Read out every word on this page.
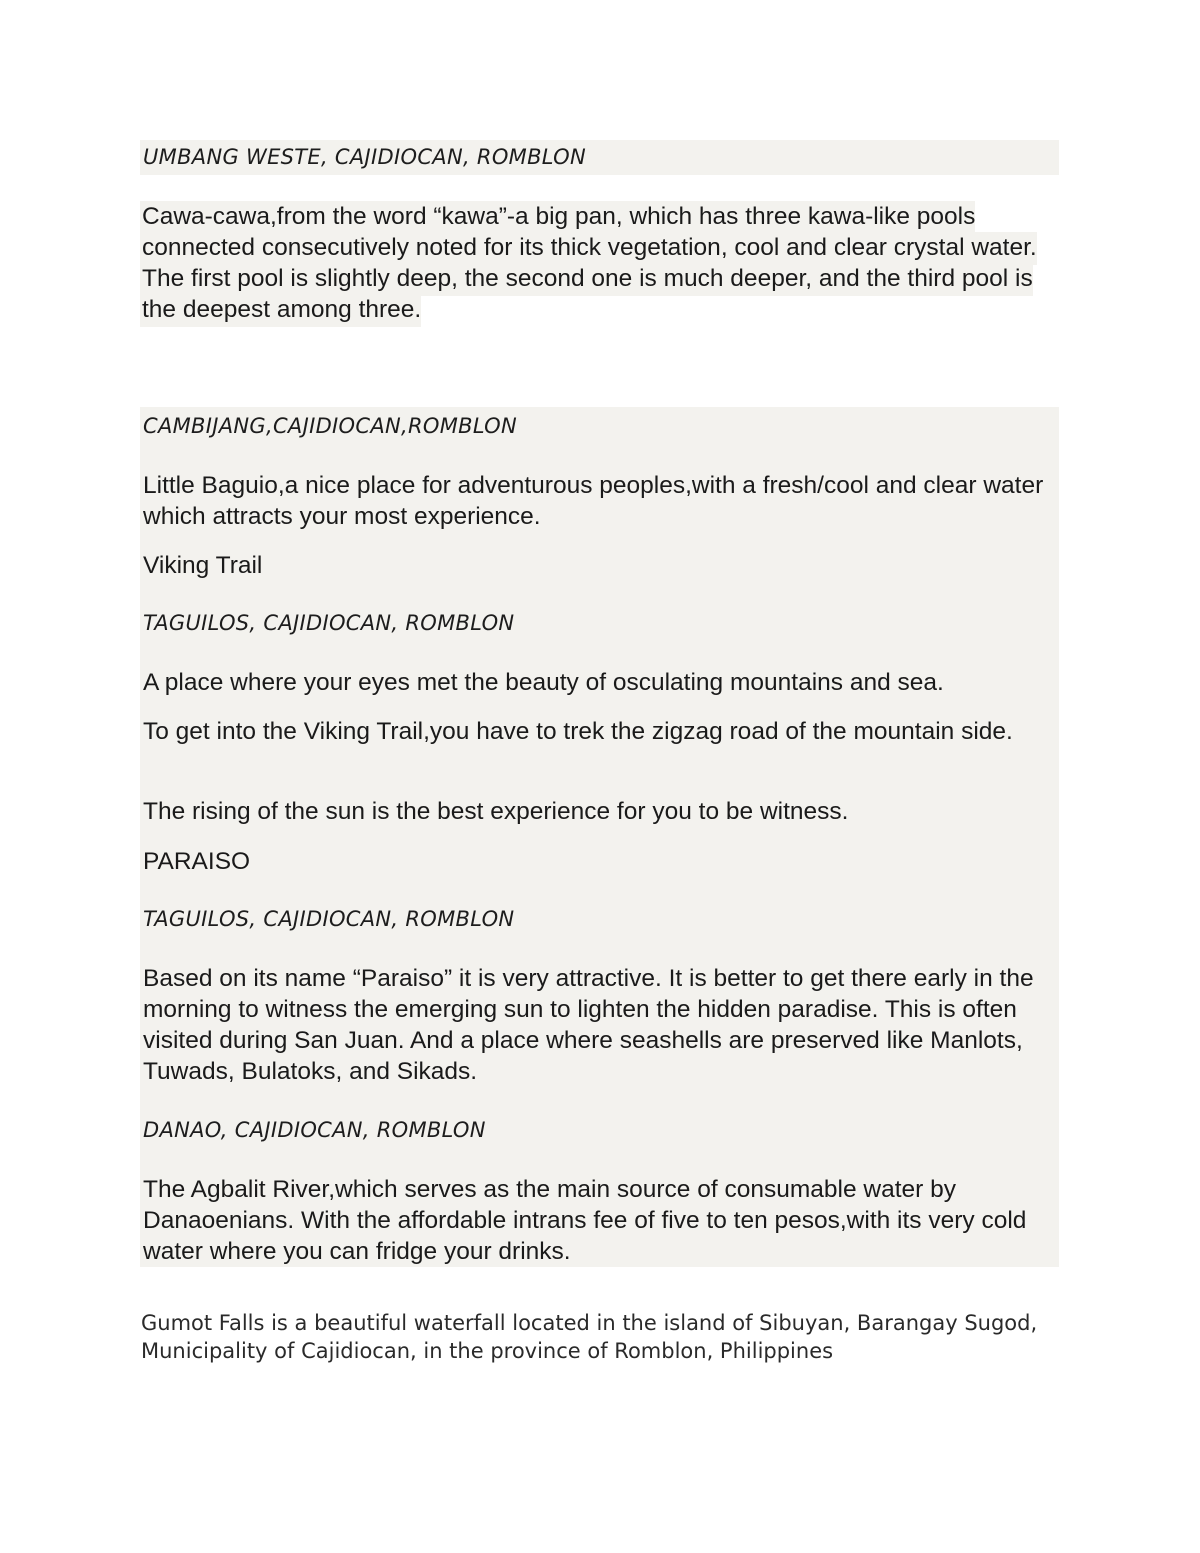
UMBANG WESTE, CAJIDIOCAN, ROMBLON
Cawa-cawa,from the word “kawa”-a big pan, which has three kawa-like pools connected consecutively noted for its thick vegetation, cool and clear crystal water. The first pool is slightly deep, the second one is much deeper, and the third pool is the deepest among three.
CAMBIJANG,CAJIDIOCAN,ROMBLON
Little Baguio,a nice place for adventurous peoples,with a fresh/cool and clear water which attracts your most experience.
Viking Trail
TAGUILOS, CAJIDIOCAN, ROMBLON
A place where your eyes met the beauty of osculating mountains and sea.
To get into the Viking Trail,you have to trek the zigzag road of the mountain side.
The rising of the sun is the best experience for you to be witness.
PARAISO
TAGUILOS, CAJIDIOCAN, ROMBLON
Based on its name “Paraiso” it is very attractive. It is better to get there early in the morning to witness the emerging sun to lighten the hidden paradise. This is often visited during San Juan. And a place where seashells are preserved like Manlots, Tuwads, Bulatoks, and Sikads.
DANAO, CAJIDIOCAN, ROMBLON
The Agbalit River,which serves as the main source of consumable water by Danaoenians. With the affordable intrans fee of five to ten pesos,with its very cold water where you can fridge your drinks.
Gumot Falls is a beautiful waterfall located in the island of Sibuyan, Barangay Sugod, Municipality of Cajidiocan, in the province of Romblon, Philippines
